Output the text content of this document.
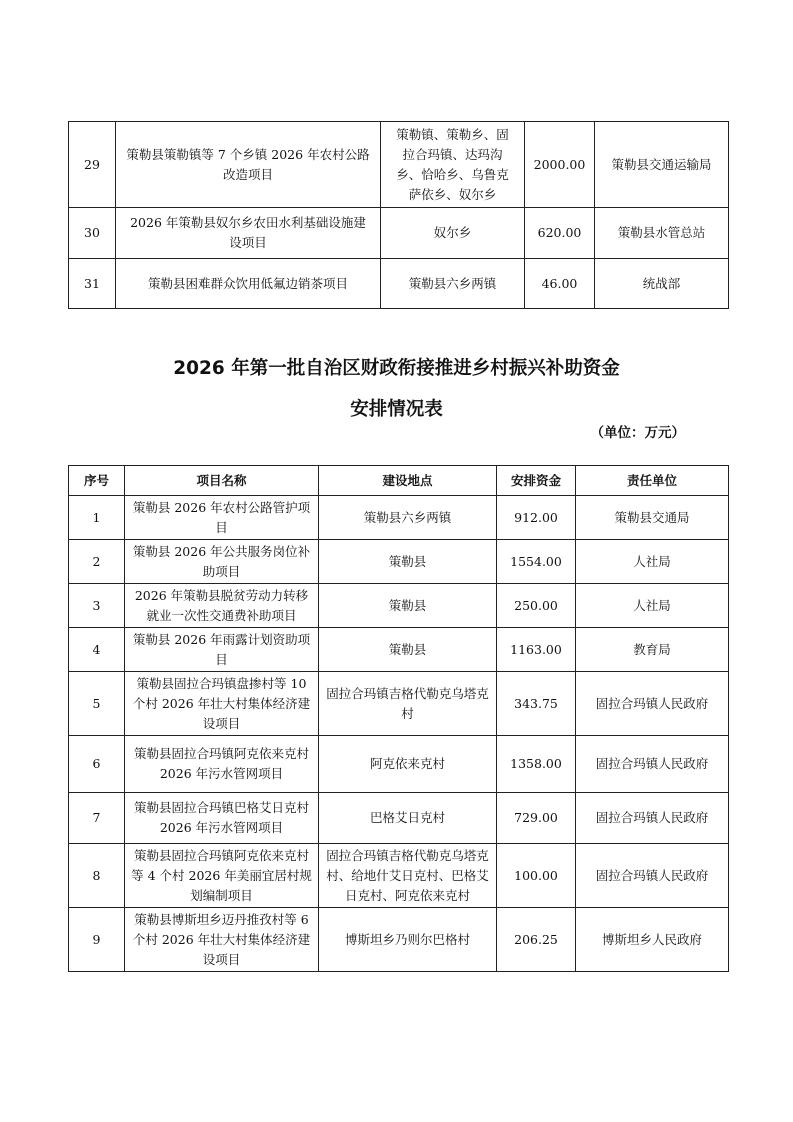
29	策勒县策勒镇等 7 个乡镇 2026 年农村公路改造项目	策勒镇、策勒乡、固拉合玛镇、达玛沟乡、恰哈乡、乌鲁克萨依乡、奴尔乡	2000.00	策勒县交通运输局
30	2026 年策勒县奴尔乡农田水利基础设施建设项目	奴尔乡	620.00	策勒县水管总站
31	策勒县困难群众饮用低氟边销茶项目	策勒县六乡两镇	46.00	统战部
2026 年第一批自治区财政衔接推进乡村振兴补助资金
安排情况表
（单位：万元）
序号	项目名称	建设地点	安排资金	责任单位
1	策勒县 2026 年农村公路管护项目	策勒县六乡两镇	912.00	策勒县交通局
2	策勒县 2026 年公共服务岗位补助项目	策勒县	1554.00	人社局
3	2026 年策勒县脱贫劳动力转移就业一次性交通费补助项目	策勒县	250.00	人社局
4	策勒县 2026 年雨露计划资助项目	策勒县	1163.00	教育局
5	策勒县固拉合玛镇盘掺村等 10 个村 2026 年壮大村集体经济建设项目	固拉合玛镇吉格代勒克乌塔克村	343.75	固拉合玛镇人民政府
6	策勒县固拉合玛镇阿克依来克村 2026 年污水管网项目	阿克依来克村	1358.00	固拉合玛镇人民政府
7	策勒县固拉合玛镇巴格艾日克村 2026 年污水管网项目	巴格艾日克村	729.00	固拉合玛镇人民政府
8	策勒县固拉合玛镇阿克依来克村等 4 个村 2026 年美丽宜居村规划编制项目	固拉合玛镇吉格代勒克乌塔克村、给地什艾日克村、巴格艾日克村、阿克依来克村	100.00	固拉合玛镇人民政府
9	策勒县博斯坦乡迈丹推孜村等 6 个村 2026 年壮大村集体经济建设项目	博斯坦乡乃则尔巴格村	206.25	博斯坦乡人民政府
